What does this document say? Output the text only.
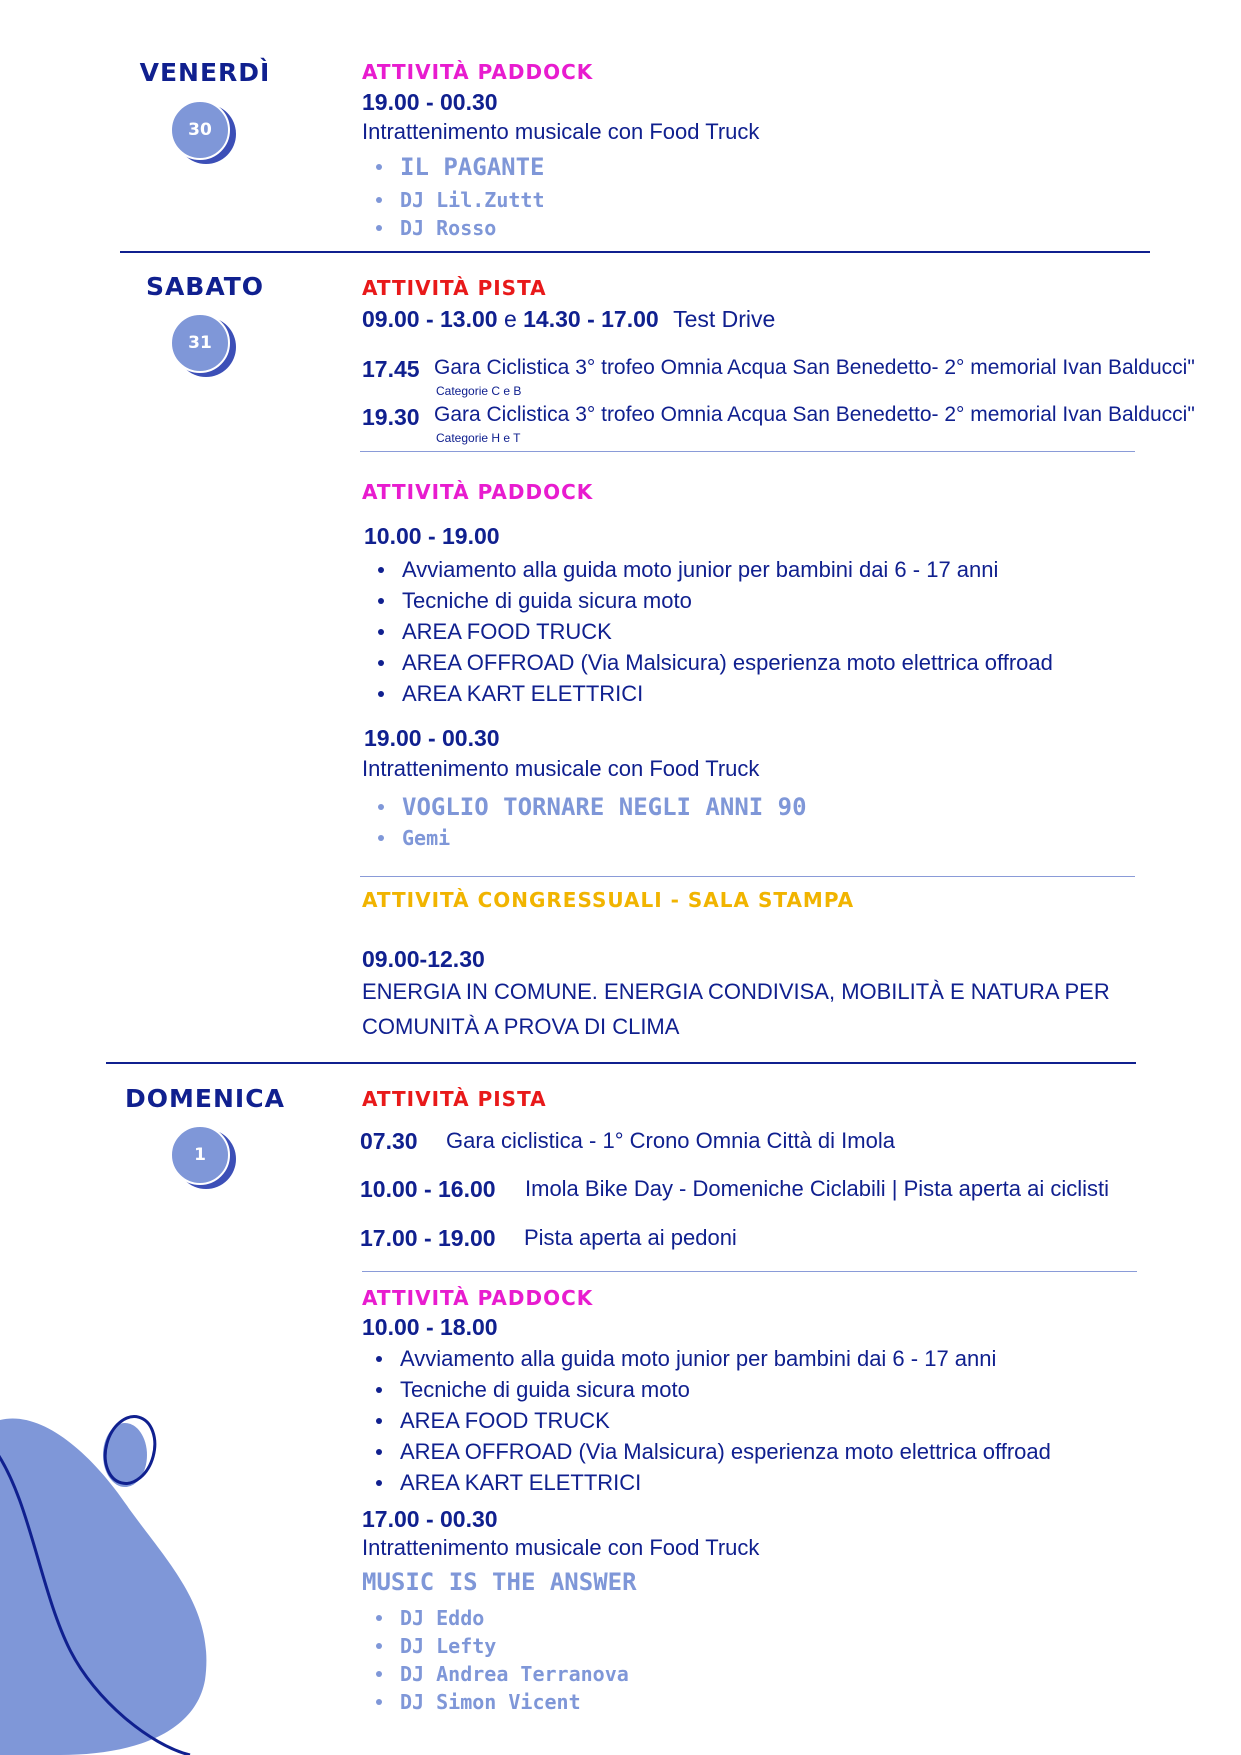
VENERDÌ
30
ATTIVITÀ PADDOCK
19.00 - 00.30
Intrattenimento musicale con Food Truck
IL PAGANTE
DJ Lil.Zuttt
DJ Rosso
SABATO
31
ATTIVITÀ PISTA
09.00 - 13.00 e 14.30 - 17.00 Test Drive
17.45 Gara Ciclistica 3° trofeo Omnia Acqua San Benedetto- 2° memorial Ivan Balducci"
Categorie C e B
19.30 Gara Ciclistica 3° trofeo Omnia Acqua San Benedetto- 2° memorial Ivan Balducci"
Categorie H e T
ATTIVITÀ PADDOCK
10.00 - 19.00
Avviamento alla guida moto junior per bambini dai 6 - 17 anni
Tecniche di guida sicura moto
AREA FOOD TRUCK
AREA OFFROAD (Via Malsicura) esperienza moto elettrica offroad
AREA KART ELETTRICI
19.00 - 00.30
Intrattenimento musicale con Food Truck
VOGLIO TORNARE NEGLI ANNI 90
Gemi
ATTIVITÀ CONGRESSUALI - SALA STAMPA
09.00-12.30
ENERGIA IN COMUNE. ENERGIA CONDIVISA, MOBILITÀ E NATURA PER
COMUNITÀ A PROVA DI CLIMA
DOMENICA
1
ATTIVITÀ PISTA
07.30 Gara ciclistica - 1° Crono Omnia Città di Imola
10.00 - 16.00 Imola Bike Day - Domeniche Ciclabili | Pista aperta ai ciclisti
17.00 - 19.00 Pista aperta ai pedoni
ATTIVITÀ PADDOCK
10.00 - 18.00
Avviamento alla guida moto junior per bambini dai 6 - 17 anni
Tecniche di guida sicura moto
AREA FOOD TRUCK
AREA OFFROAD (Via Malsicura) esperienza moto elettrica offroad
AREA KART ELETTRICI
17.00 - 00.30
Intrattenimento musicale con Food Truck
MUSIC IS THE ANSWER
DJ Eddo
DJ Lefty
DJ Andrea Terranova
DJ Simon Vicent
